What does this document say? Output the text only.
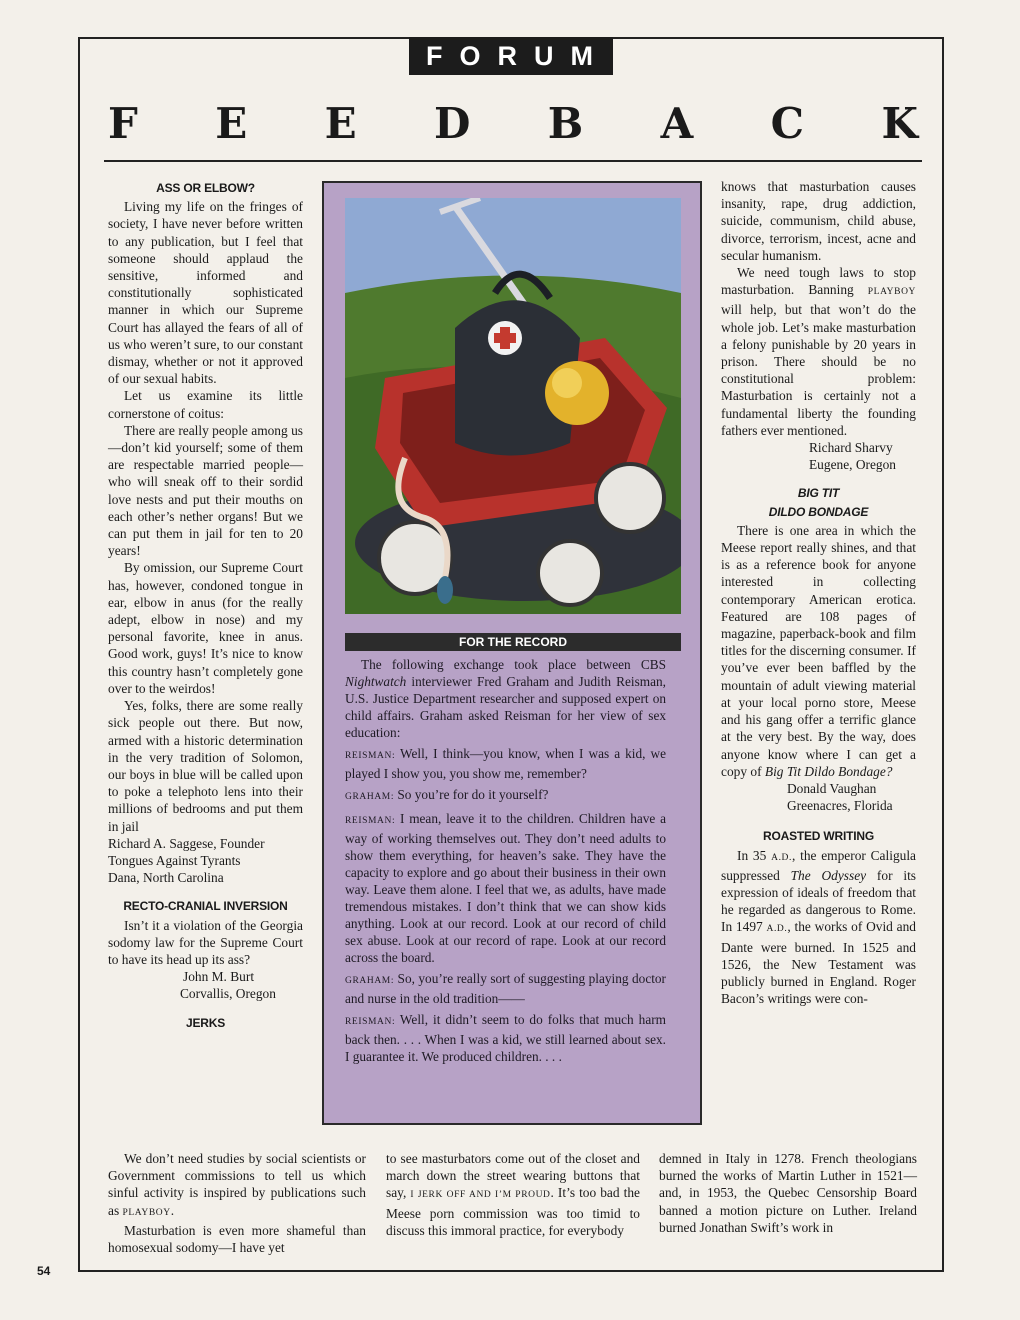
FORUM
F E E D B A C K
ASS OR ELBOW?

Living my life on the fringes of society, I have never before written to any publication, but I feel that someone should applaud the sensitive, informed and constitutionally sophisticated manner in which our Supreme Court has allayed the fears of all of us who weren’t sure, to our constant dismay, whether or not it approved of our sexual habits.

Let us examine its little cornerstone of coitus:

There are really people among us—don’t kid yourself; some of them are respectable married people—who will sneak off to their sordid love nests and put their mouths on each other’s nether organs! But we can put them in jail for ten to 20 years!

By omission, our Supreme Court has, however, condoned tongue in ear, elbow in anus (for the really adept, elbow in nose) and my personal favorite, knee in anus. Good work, guys! It’s nice to know this country hasn’t completely gone over to the weirdos!

Yes, folks, there are some really sick people out there. But now, armed with a historic determination in the very tradition of Solomon, our boys in blue will be called upon to poke a telephoto lens into their millions of bedrooms and put them in jail

Richard A. Saggese, Founder

Tongues Against Tyrants

Dana, North Carolina

RECTO-CRANIAL INVERSION

Isn’t it a violation of the Georgia sodomy law for the Supreme Court to have its head up its ass?

John M. Burt

Corvallis, Oregon

JERKS

We don’t need studies by social scientists or Government commissions to tell us which sinful activity is inspired by publications such as PLAYBOY.

Masturbation is even more shameful than homosexual sodomy—I have yet

to see masturbators come out of the closet and march down the street wearing buttons that say, I JERK OFF AND I’M PROUD. It’s too bad the Meese porn commission was too timid to discuss this immoral practice, for everybody

demned in Italy in 1278. French theologians burned the works of Martin Luther in 1521—and, in 1953, the Quebec Censorship Board banned a motion picture on Luther. Ireland burned Jonathan Swift’s work in

FOR THE RECORD

The following exchange took place between CBS Nightwatch interviewer Fred Graham and Judith Reisman, U.S. Justice Department researcher and supposed expert on child affairs. Graham asked Reisman for her view of sex education:

REISMAN: Well, I think—you know, when I was a kid, we played I show you, you show me, remember?

GRAHAM: So you’re for do it yourself?

REISMAN: I mean, leave it to the children. Children have a way of working themselves out. They don’t need adults to show them everything, for heaven’s sake. They have the capacity to explore and go about their business in their own way. Leave them alone. I feel that we, as adults, have made tremendous mistakes. I don’t think that we can show kids anything. Look at our record. Look at our record of child sex abuse. Look at our record of rape. Look at our record across the board.

GRAHAM: So, you’re really sort of suggesting playing doctor and nurse in the old tradition——

REISMAN: Well, it didn’t seem to do folks that much harm back then. . . . When I was a kid, we still learned about sex. I guarantee it. We produced children. . . .

knows that masturbation causes insanity, rape, drug addiction, suicide, communism, child abuse, divorce, terrorism, incest, acne and secular humanism.

We need tough laws to stop masturbation. Banning PLAYBOY will help, but that won’t do the whole job. Let’s make masturbation a felony punishable by 20 years in prison. There should be no constitutional problem: Masturbation is certainly not a fundamental liberty the founding fathers ever mentioned.

Richard Sharvy

Eugene, Oregon

BIG TIT
DILDO BONDAGE

There is one area in which the Meese report really shines, and that is as a reference book for anyone interested in collecting contemporary American erotica. Featured are 108 pages of magazine, paperback-book and film titles for the discerning consumer. If you’ve ever been baffled by the mountain of adult viewing material at your local porno store, Meese and his gang offer a terrific glance at the very best. By the way, does anyone know where I can get a copy of Big Tit Dildo Bondage?

Donald Vaughan

Greenacres, Florida

ROASTED WRITING

In 35 A.D., the emperor Caligula suppressed The Odyssey for its expression of ideals of freedom that he regarded as dangerous to Rome. In 1497 A.D., the works of Ovid and Dante were burned. In 1525 and 1526, the New Testament was publicly burned in England. Roger Bacon’s writings were con-

54
